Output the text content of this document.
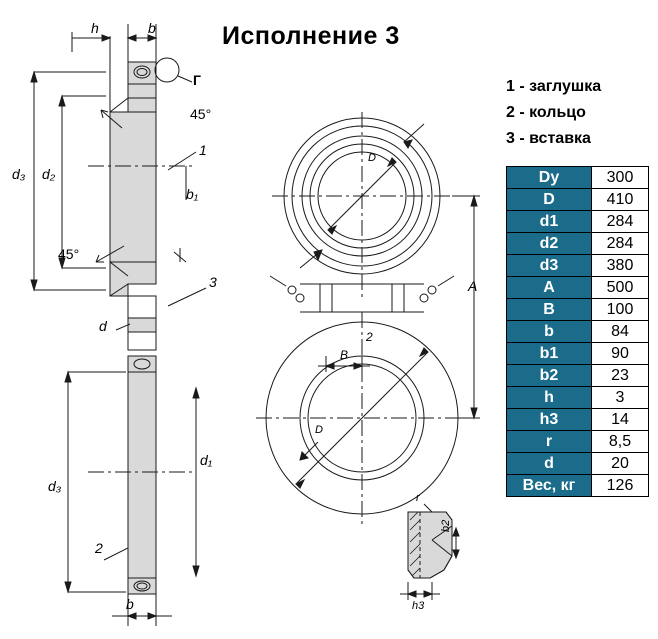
Исполнение 3
1 - заглушка
2 - кольцо
3 - вставка
h	b
Г
45°
45°
1
3
2
d₃ d₂
b₁
d
d₃
d₁
b
D
A
B
2
D
r
b2
h3
Dy	300
D	410
d1	284
d2	284
d3	380
A	500
B	100
b	84
b1	90
b2	23
h	3
h3	14
r	8,5
d	20
Вес, кг	126
